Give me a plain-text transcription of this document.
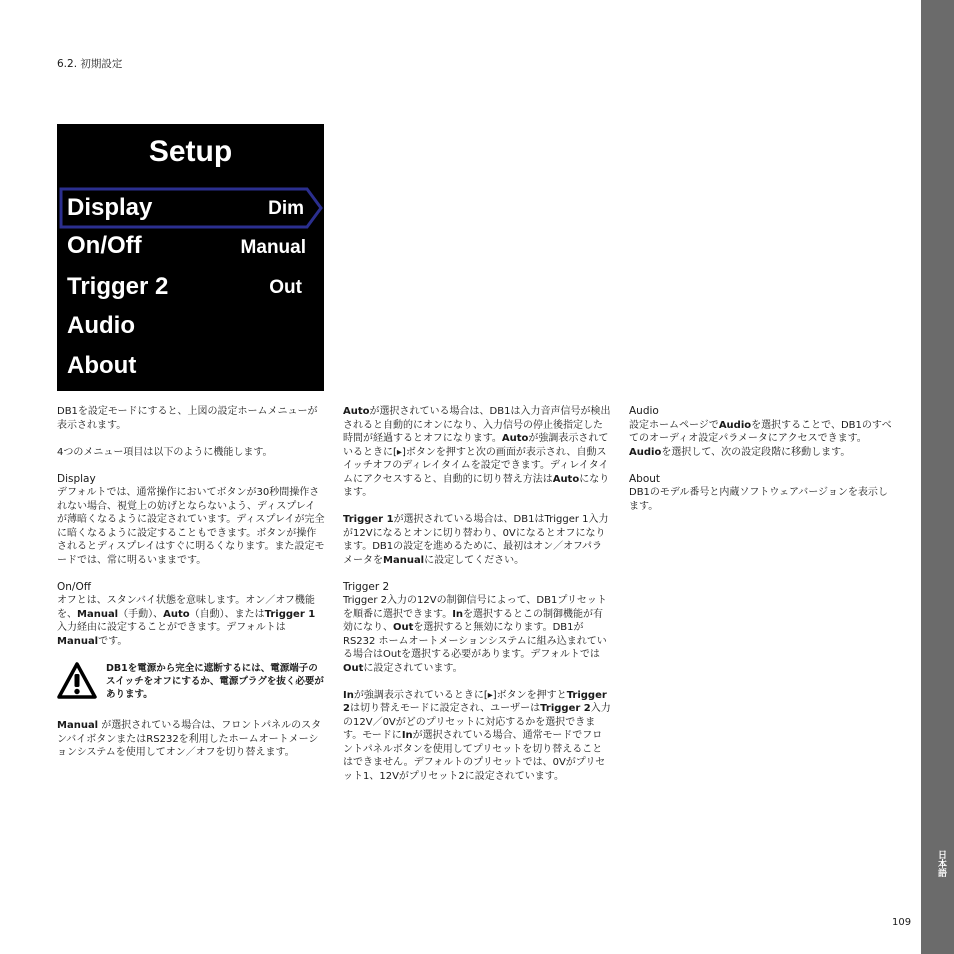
日本語
6.2. 初期設定
Setup
Display	Dim
On/Off	Manual
Trigger 2	Out
Audio
About

DB1を設定モードにすると、上図の設定ホームメニューが表示されます。

4つのメニュー項目は以下のように機能します。

Display

デフォルトでは、通常操作においてボタンが30秒間操作されない場合、視覚上の妨げとならないよう、ディスプレイが薄暗くなるように設定されています。ディスプレイが完全に暗くなるように設定することもできます。ボタンが操作されるとディスプレイはすぐに明るくなります。また設定モードでは、常に明るいままです。

On/Off

オフとは、スタンバイ状態を意味します。オン／オフ機能を、Manual（手動）、Auto（自動）、またはTrigger 1入力経由に設定することができます。デフォルトはManualです。

DB1を電源から完全に遮断するには、電源端子のスイッチをオフにするか、電源プラグを抜く必要があります。

Manual が選択されている場合は、フロントパネルのスタンバイボタンまたはRS232を利用したホームオートメーションシステムを使用してオン／オフを切り替えます。

Autoが選択されている場合は、DB1は入力音声信号が検出されると自動的にオンになり、入力信号の停止後指定した時間が経過するとオフになります。Autoが強調表示されているときに[▸]ボタンを押すと次の画面が表示され、自動スイッチオフのディレイタイムを設定できます。ディレイタイムにアクセスすると、自動的に切り替え方法はAutoになります。

Trigger 1が選択されている場合は、DB1はTrigger 1入力が12Vになるとオンに切り替わり、0Vになるとオフになります。DB1の設定を進めるために、最初はオン／オフパラメータをManualに設定してください。

Trigger 2

Trigger 2入力の12Vの制御信号によって、DB1プリセットを順番に選択できます。Inを選択するとこの制御機能が有効になり、Outを選択すると無効になります。DB1がRS232 ホームオートメーションシステムに組み込まれている場合はOutを選択する必要があります。デフォルトではOutに設定されています。

Inが強調表示されているときに[▸]ボタンを押すとTrigger 2は切り替えモードに設定され、ユーザーはTrigger 2入力の12V／0Vがどのプリセットに対応するかを選択できます。モードにInが選択されている場合、通常モードでフロントパネルボタンを使用してプリセットを切り替えることはできません。デフォルトのプリセットでは、0Vがプリセット1、12Vがプリセット2に設定されています。

Audio

設定ホームページでAudioを選択することで、DB1のすべてのオーディオ設定パラメータにアクセスできます。Audioを選択して、次の設定段階に移動します。

About

DB1のモデル番号と内蔵ソフトウェアバージョンを表示します。

109
